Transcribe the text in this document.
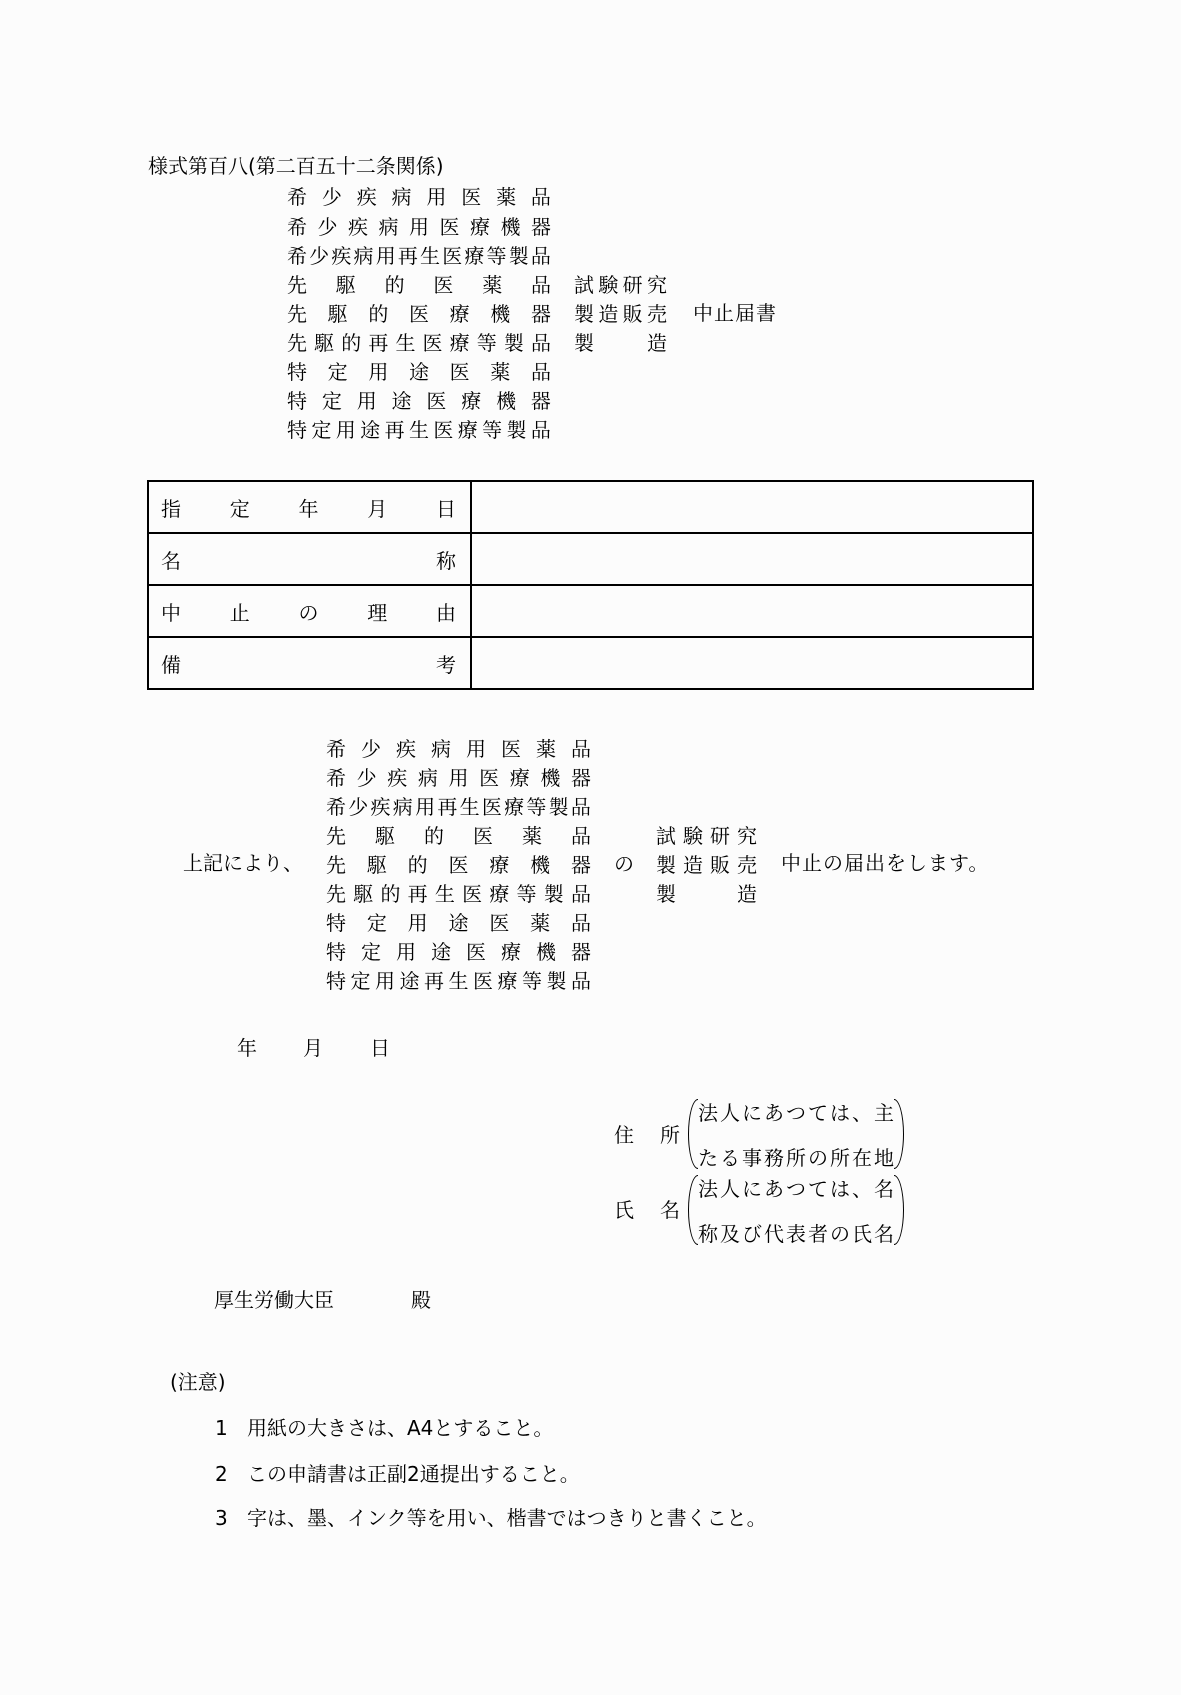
様式第百八(第二百五十二条関係)
希 少 疾 病 用 医 薬 品
希 少 疾 病 用 医 療 機 器
希 少 疾 病 用 再 生 医 療 等 製 品
先 駆 的 医 薬 品
先 駆 的 医 療 機 器
先 駆 的 再 生 医 療 等 製 品
特 定 用 途 医 薬 品
特 定 用 途 医 療 機 器
特 定 用 途 再 生 医 療 等 製 品
試 験 研 究
製 造 販 売
製	造
中止届書
指 定 年 月 日	

名 称	

中 止 の 理 由	

備 考	

上記により、
希 少 疾 病 用 医 薬 品
希 少 疾 病 用 医 療 機 器
希 少 疾 病 用 再 生 医 療 等 製 品
先 駆 的 医 薬 品
先 駆 的 医 療 機 器
先 駆 的 再 生 医 療 等 製 品
特 定 用 途 医 薬 品
特 定 用 途 医 療 機 器
特 定 用 途 再 生 医 療 等 製 品
の
試 験 研 究
製 造 販 売
製	造
中止の届出をします。
年 月 日
住 所
法 人 に あ つ て は 、 主
た る 事 務 所 の 所 在 地
氏 名
法 人 に あ つ て は 、 名
称 及 び 代 表 者 の 氏 名
厚生労働大臣	殿
(注意)
1 用紙の大きさは、A4とすること。
2 この申請書は正副2通提出すること。
3 字は、墨、インク等を用い、楷書ではつきりと書くこと。
